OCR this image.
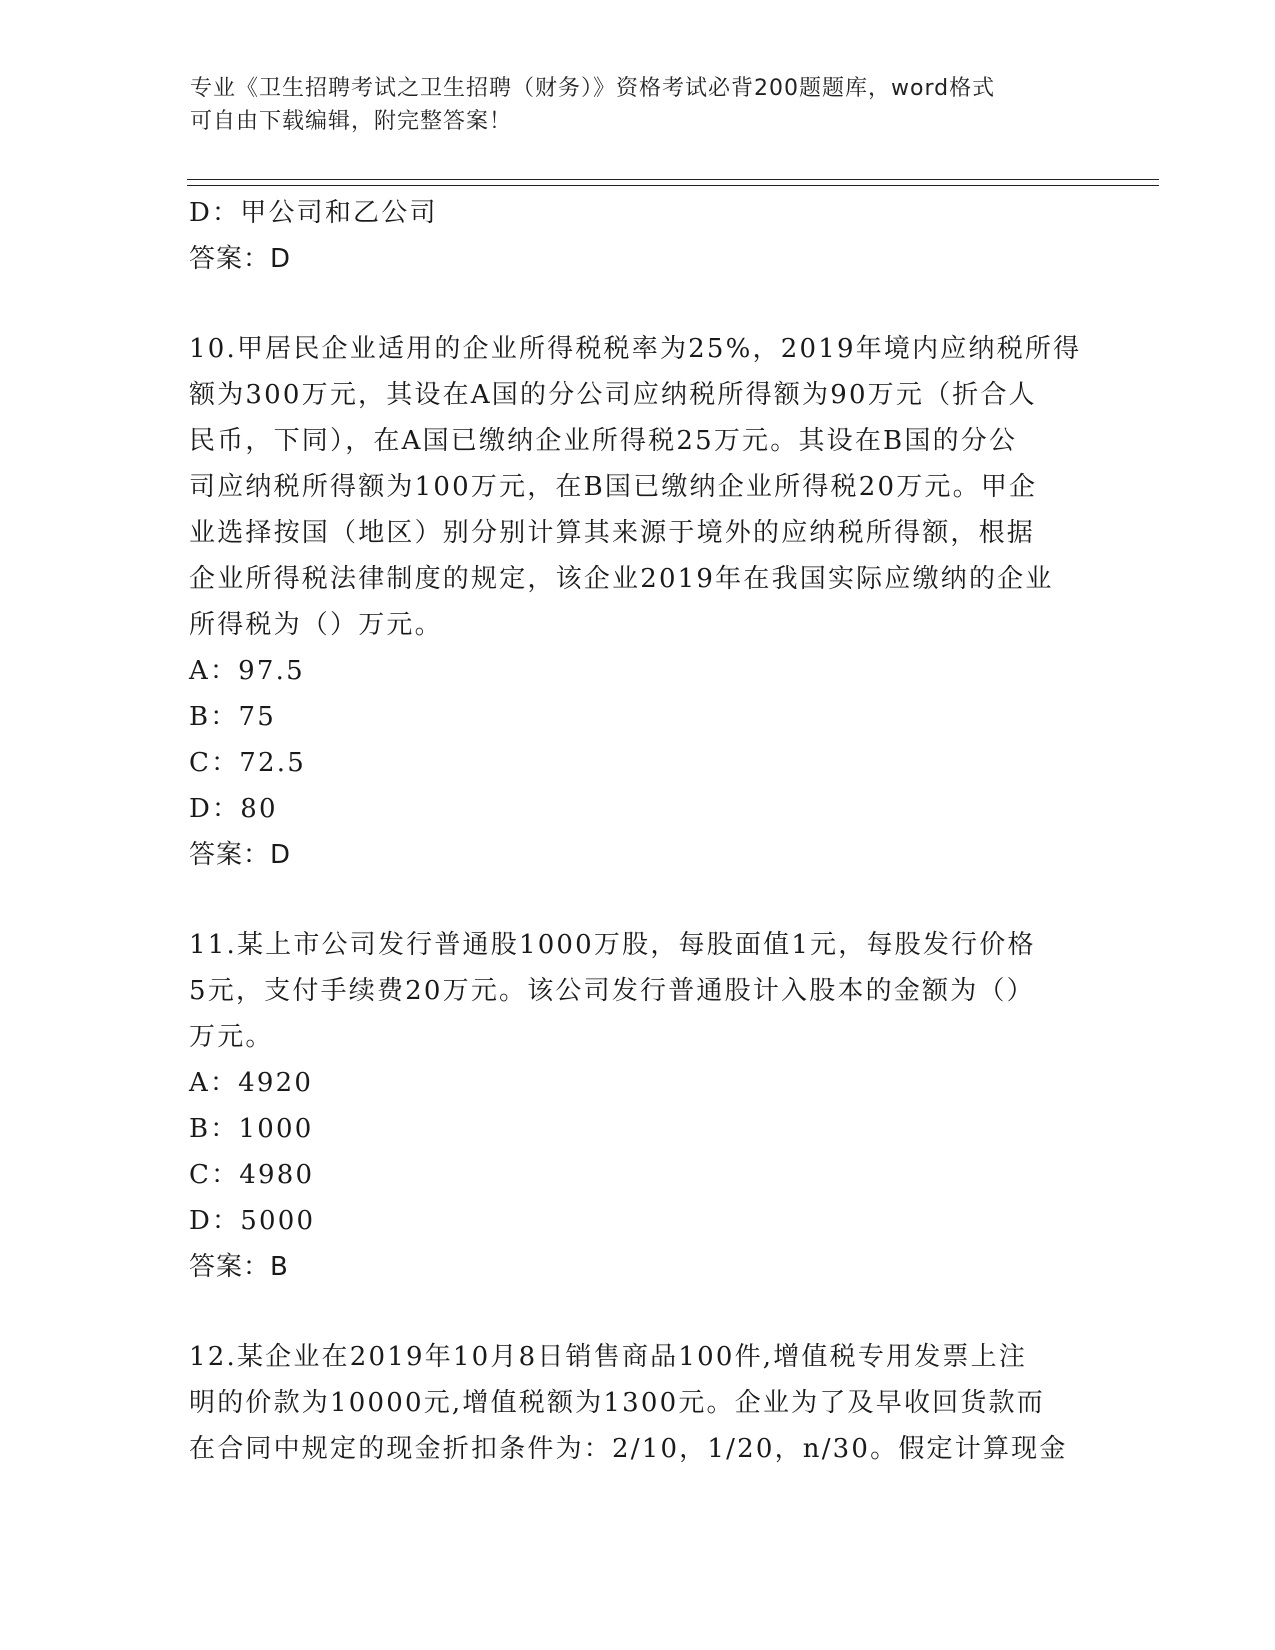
专业《卫生招聘考试之卫生招聘（财务）》资格考试必背200题题库，word格式
可自由下载编辑，附完整答案！
D：甲公司和乙公司
答案：D
10.甲居民企业适用的企业所得税税率为25%，2019年境内应纳税所得
额为300万元，其设在A国的分公司应纳税所得额为90万元（折合人
民币，下同），在A国已缴纳企业所得税25万元。其设在B国的分公
司应纳税所得额为100万元，在B国已缴纳企业所得税20万元。甲企
业选择按国（地区）别分别计算其来源于境外的应纳税所得额，根据
企业所得税法律制度的规定，该企业2019年在我国实际应缴纳的企业
所得税为（）万元。
A：97.5
B：75
C：72.5
D：80
答案：D
11.某上市公司发行普通股1000万股，每股面值1元，每股发行价格
5元，支付手续费20万元。该公司发行普通股计入股本的金额为（）
万元。
A：4920
B：1000
C：4980
D：5000
答案：B
12.某企业在2019年10月8日销售商品100件,增值税专用发票上注
明的价款为10000元,增值税额为1300元。企业为了及早收回货款而
在合同中规定的现金折扣条件为：2/10，1/20，n/30。假定计算现金
